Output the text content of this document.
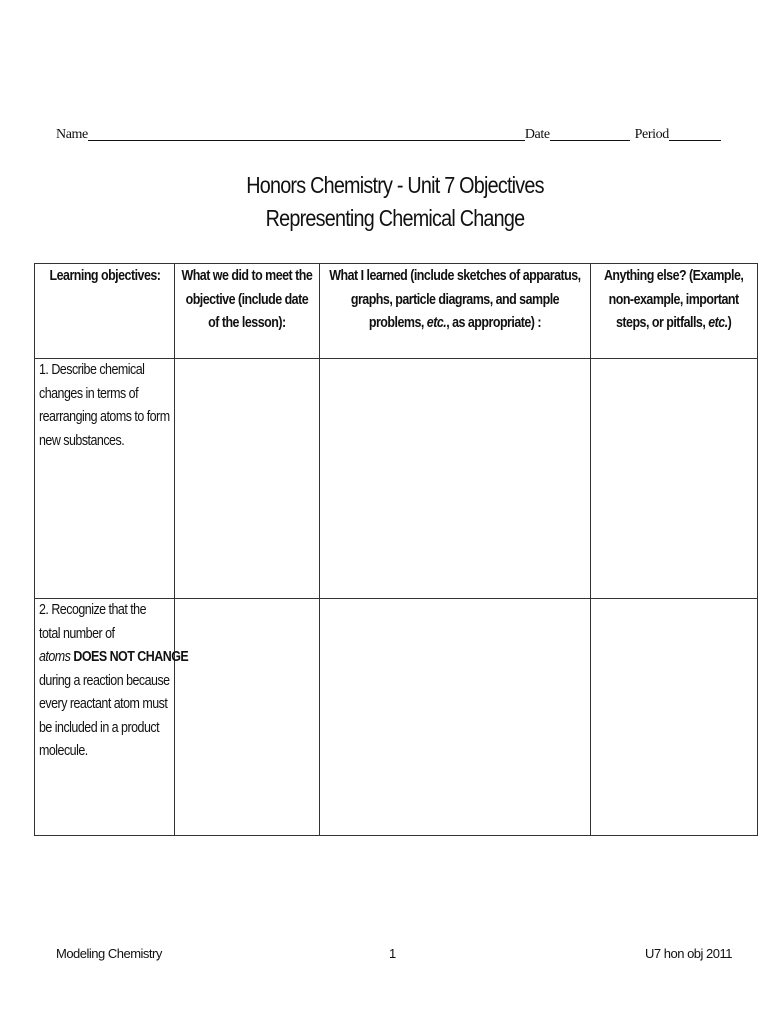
Name	Date	Period
Honors Chemistry - Unit 7 Objectives
Representing Chemical Change
Learning objectives:	What we did to meet the objective (include date of the lesson):	What I learned (include sketches of apparatus, graphs, particle diagrams, and sample problems, etc., as appropriate) :	Anything else? (Example, non-example, important steps, or pitfalls, etc.)
1. Describe chemical changes in terms of rearranging atoms to form new substances.			
2. Recognize that the total number of atoms DOES NOT CHANGE during a reaction because every reactant atom must be included in a product molecule.			
Modeling Chemistry	1	U7 hon obj 2011
